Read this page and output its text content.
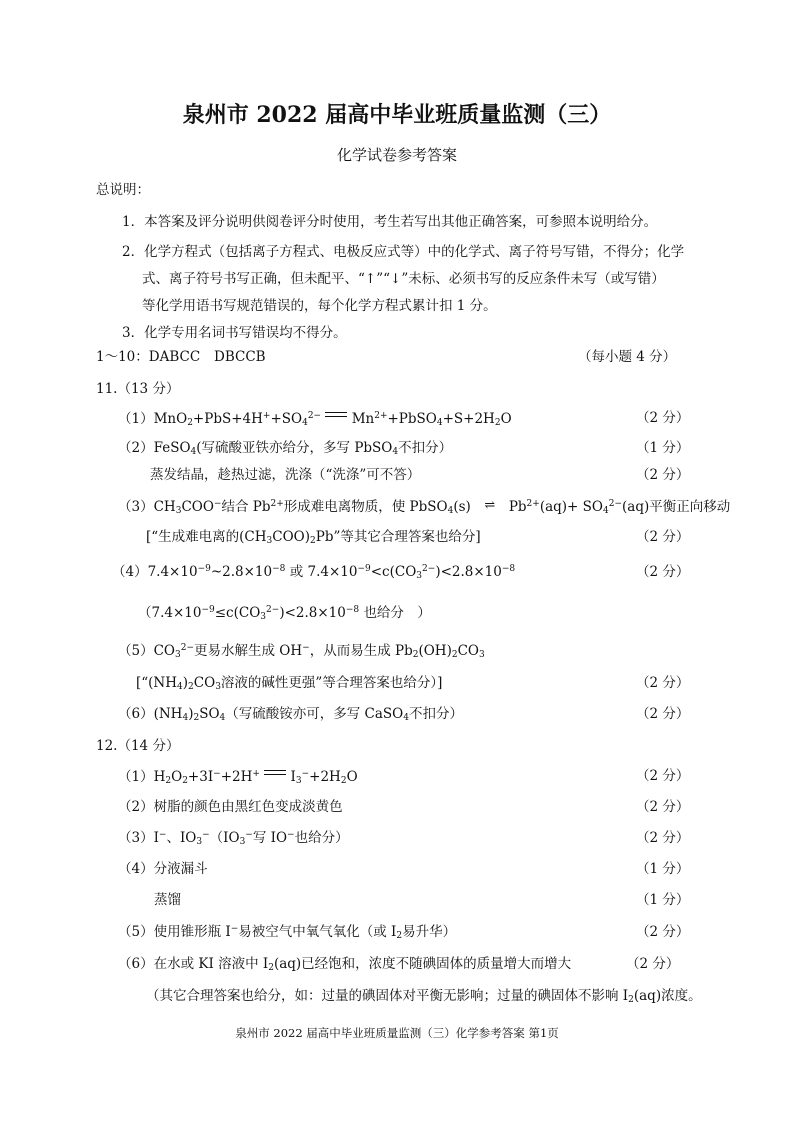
泉州市 2022 届高中毕业班质量监测（三）
化学试卷参考答案
总说明：
1．本答案及评分说明供阅卷评分时使用，考生若写出其他正确答案，可参照本说明给分。
2．化学方程式（包括离子方程式、电极反应式等）中的化学式、离子符号写错，不得分；化学
式、离子符号书写正确，但未配平、“↑”“↓”未标、必须书写的反应条件未写（或写错）
等化学用语书写规范错误的，每个化学方程式累计扣 1 分。
3．化学专用名词书写错误均不得分。
1～10：DABCC DBCCB	（每小题 4 分）
11.（13 分）
$(1)MnO_2+PbS+4H^++SO_4^{2-}$ $Mn^{2+}+PbSO_4+S+2H_2O$	（2 分）
（2）FeSO$_4$(写硫酸亚铁亦给分，多写 PbSO$_4$不扣分）	（1 分）
蒸发结晶，趁热过滤，洗涤（“洗涤”可不答）	（2 分）
$(3)CH_3COO^-$结合 $Pb^{2+}$形成难电离物质，使 PbSO$_4$(s) ⇌ $Pb^{2+}(aq)+ SO_4^{2-}(aq)$平衡正向移动
[“生成难电离的$(CH_3COO)_2Pb$”等其它合理答案也给分]	（2 分）
$(4)7.4\times 10^{-9}\sim 2.8\times 10^{-8}$ 或 $7.4\times 10^{-9}<c(CO_3^{2-})<2.8\times 10^{-8}$	（2 分）
（$7.4\times 10^{-9}\le c(CO_3^{2-})<2.8\times 10^{-8}$ 也给分　）
$(5)CO_3^{2-}$更易水解生成 OH−，从而易生成 $Pb_2(OH)_2CO_3$
[“$(NH_4)_2CO_3$溶液的碱性更强”等合理答案也给分）]	（2 分）
$(6)(NH_4)_2SO_4$（写硫酸铵亦可，多写 CaSO$_4$不扣分）	（2 分）
12.（14 分）
$(1)H_2O_2+3I^-+2H^+$ $I_3^-+2H_2O$	（2 分）
（2）树脂的颜色由黑红色变成淡黄色	（2 分）
（3）I−、$IO_3^-(IO_3^-$写 IO−也给分）	（2 分）
（4）分液漏斗	（1 分）
蒸馏	（1 分）
（5）使用锥形瓶 I−易被空气中氧气氧化（或 $I_2$易升华）	（2 分）
（6）在水或 KI 溶液中 $I_2(aq)$已经饱和，浓度不随碘固体的质量增大而增大	（2 分）
（其它合理答案也给分，如：过量的碘固体对平衡无影响；过量的碘固体不影响 $I_2(aq)$浓度。
泉州市 2022 届高中毕业班质量监测（三）化学参考答案 第1页
